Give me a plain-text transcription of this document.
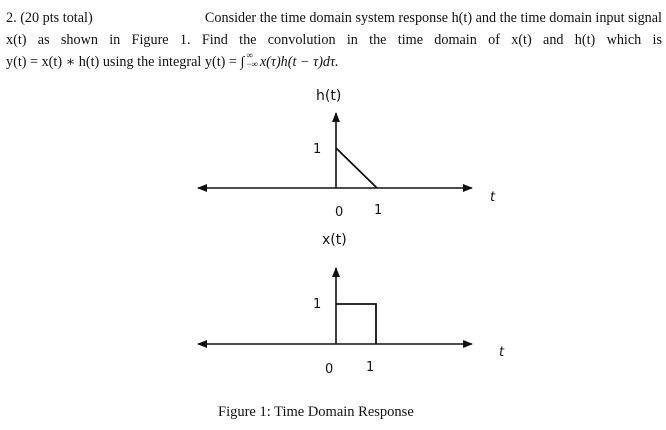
2. (20 pts total)	Consider the time domain system response h(t) and the time domain input signal
x(t) as shown in Figure 1. Find the convolution in the time domain of x(t) and h(t) which is
y(t) = x(t) ∗ h(t) using the integral y(t) = ∫ ∞
−∞ x(τ)h(t − τ)dτ.
h(t)
1
0 1
t
x(t)
1
0	1
t
Figure 1: Time Domain Response
